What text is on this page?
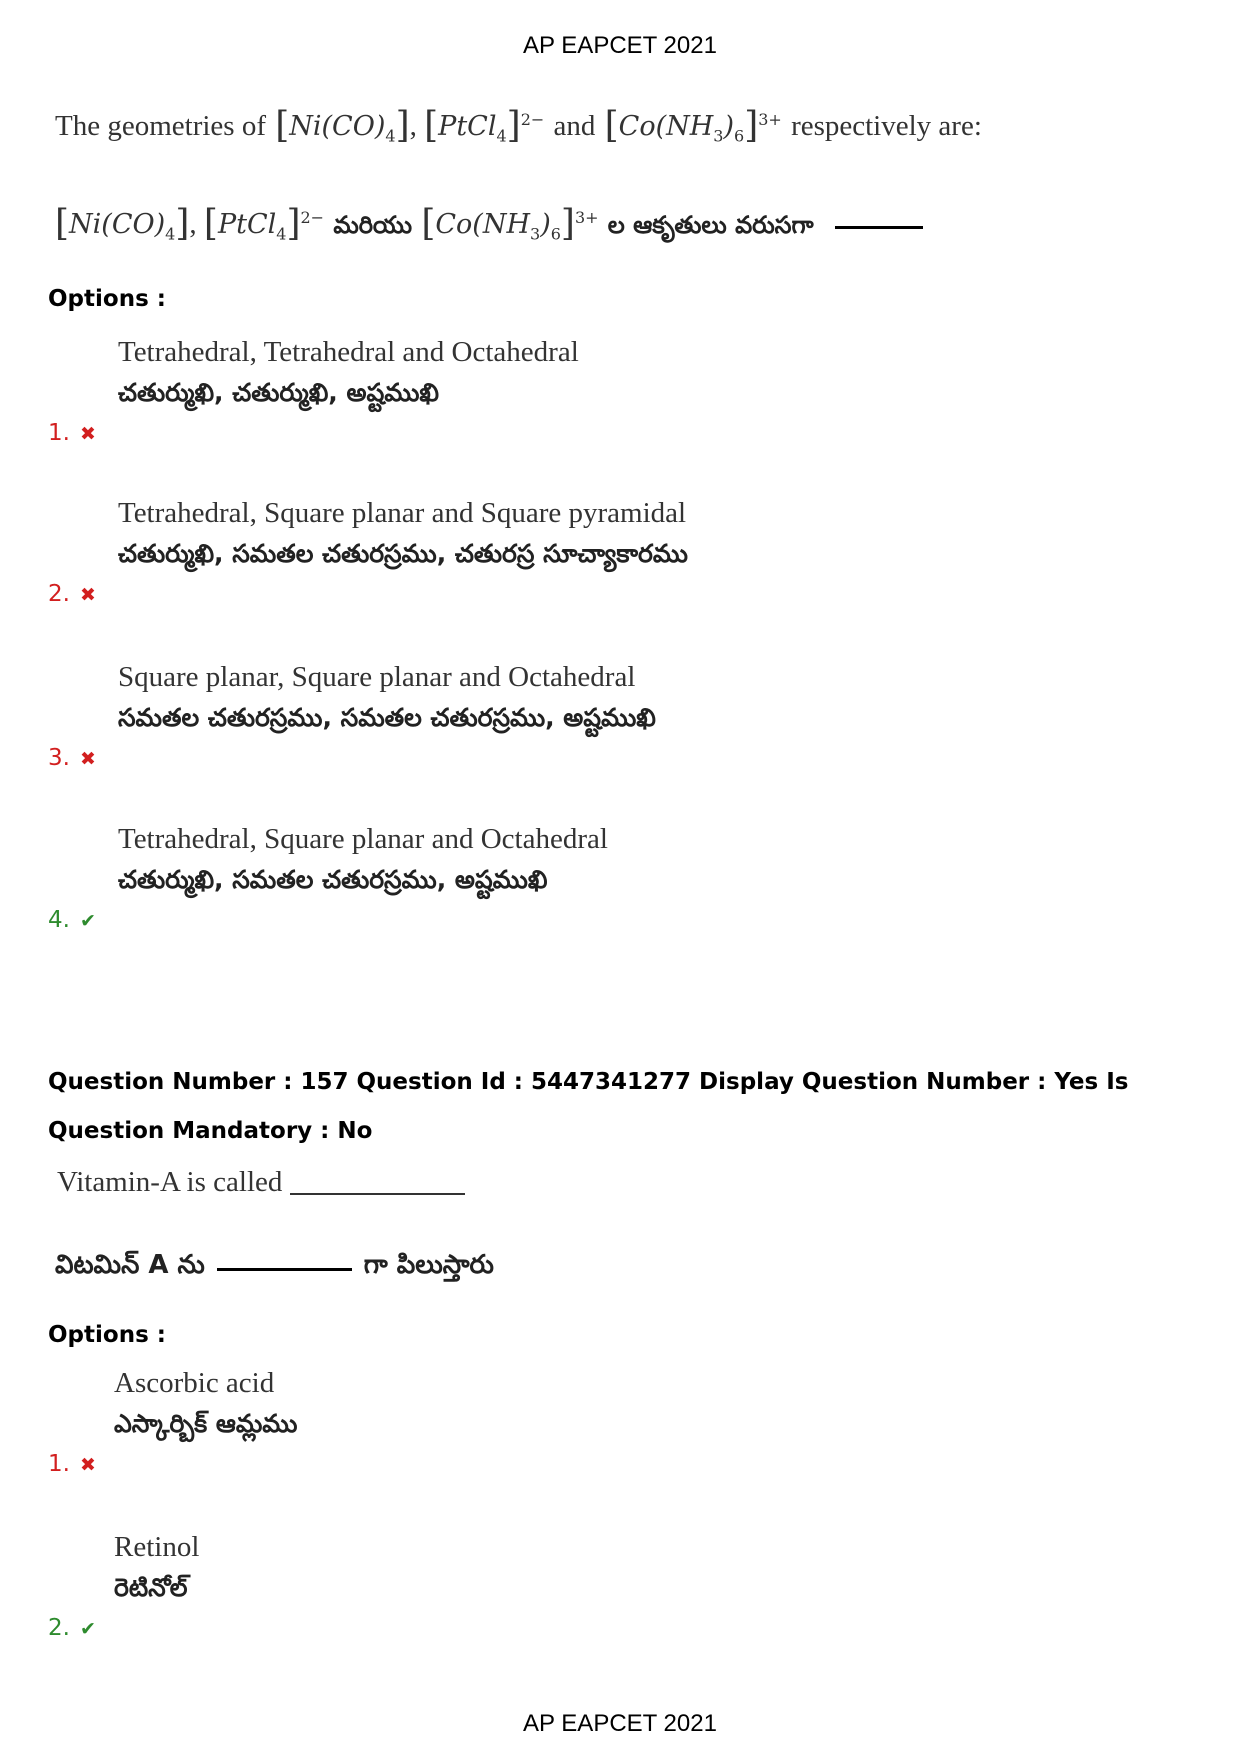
AP EAPCET 2021
The geometries of $[Ni(CO)_4]$, [PtCl$_4$]$^{2-}$ and $[Co(NH_3)_6]^{3+}$ respectively are:
$[Ni(CO)_4]$, [PtCl$_4$]$^{2-}$ మరియు $[Co(NH_3)_6]^{3+}$ ల ఆకృతులు వరుసగా
Options :
1. ✖
Tetrahedral, Tetrahedral and Octahedral
చతుర్ముఖి, చతుర్ముఖి, అష్టముఖి
2. ✖
Tetrahedral, Square planar and Square pyramidal
చతుర్ముఖి, సమతల చతురస్రము, చతురస్ర సూచ్యాకారము
3. ✖
Square planar, Square planar and Octahedral
సమతల చతురస్రము, సమతల చతురస్రము, అష్టముఖి
4. ✔
Tetrahedral, Square planar and Octahedral
చతుర్ముఖి, సమతల చతురస్రము, అష్టముఖి
Question Number : 157 Question Id : 5447341277 Display Question Number : Yes Is Question Mandatory : No
Vitamin-A is called
విటమిన్ A ను	గా పిలుస్తారు
Options :
1. ✖
Ascorbic acid
ఎస్కార్బిక్ ఆమ్లము
2. ✔
Retinol
రెటినోల్
AP EAPCET 2021
